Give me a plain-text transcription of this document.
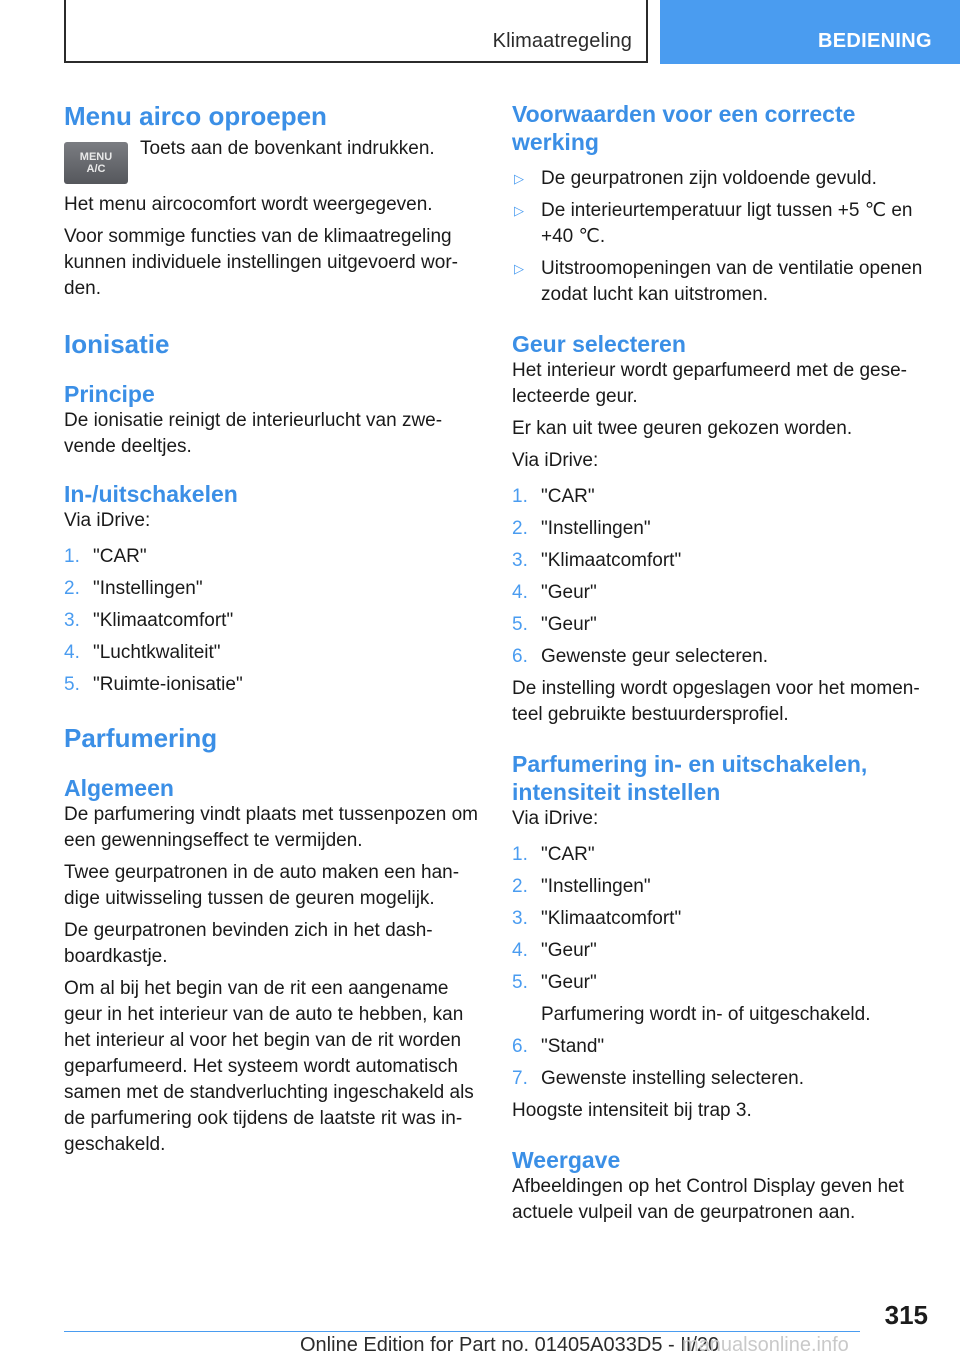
Klimaatregeling	BEDIENING
Menu airco oproepen
MENU
A/C

Toets aan de bovenkant indrukken.

Het menu aircocomfort wordt weergegeven.

Voor sommige functies van de klimaatregeling kunnen individuele instellingen uitgevoerd wor-den.

Ionisatie
Principe

De ionisatie reinigt de interieurlucht van zwe-vende deeltjes.

In-/uitschakelen

Via iDrive:

1. "CAR"
2. "Instellingen"
3. "Klimaatcomfort"
4. "Luchtkwaliteit"
5. "Ruimte-ionisatie"
Parfumering
Algemeen

De parfumering vindt plaats met tussenpozen om een gewenningseffect te vermijden.

Twee geurpatronen in de auto maken een han-dige uitwisseling tussen de geuren mogelijk.

De geurpatronen bevinden zich in het dash-boardkastje.

Om al bij het begin van de rit een aangename geur in het interieur van de auto te hebben, kan het interieur al voor het begin van de rit worden geparfumeerd. Het systeem wordt automatisch samen met de standverluchting ingeschakeld als de parfumering ook tijdens de laatste rit was in-geschakeld.

Voorwaarden voor een correcte werking
▷ De geurpatronen zijn voldoende gevuld.
▷ De interieurtemperatuur ligt tussen +5 ℃ en +40 ℃.
▷ Uitstroomopeningen van de ventilatie openen zodat lucht kan uitstromen.
Geur selecteren

Het interieur wordt geparfumeerd met de gese-lecteerde geur.

Er kan uit twee geuren gekozen worden.

Via iDrive:

1. "CAR"
2. "Instellingen"
3. "Klimaatcomfort"
4. "Geur"
5. "Geur"
6. Gewenste geur selecteren.

De instelling wordt opgeslagen voor het momen-teel gebruikte bestuurdersprofiel.

Parfumering in- en uitschakelen, intensiteit instellen

Via iDrive:

1. "CAR"
2. "Instellingen"
3. "Klimaatcomfort"
4. "Geur"
5. "Geur"
Parfumering wordt in- of uitgeschakeld.
6. "Stand"
7. Gewenste instelling selecteren.

Hoogste intensiteit bij trap 3.

Weergave

Afbeeldingen op het Control Display geven het actuele vulpeil van de geurpatronen aan.

315
Online Edition for Part no. 01405A033D5 - II/20
manualsonline.info
